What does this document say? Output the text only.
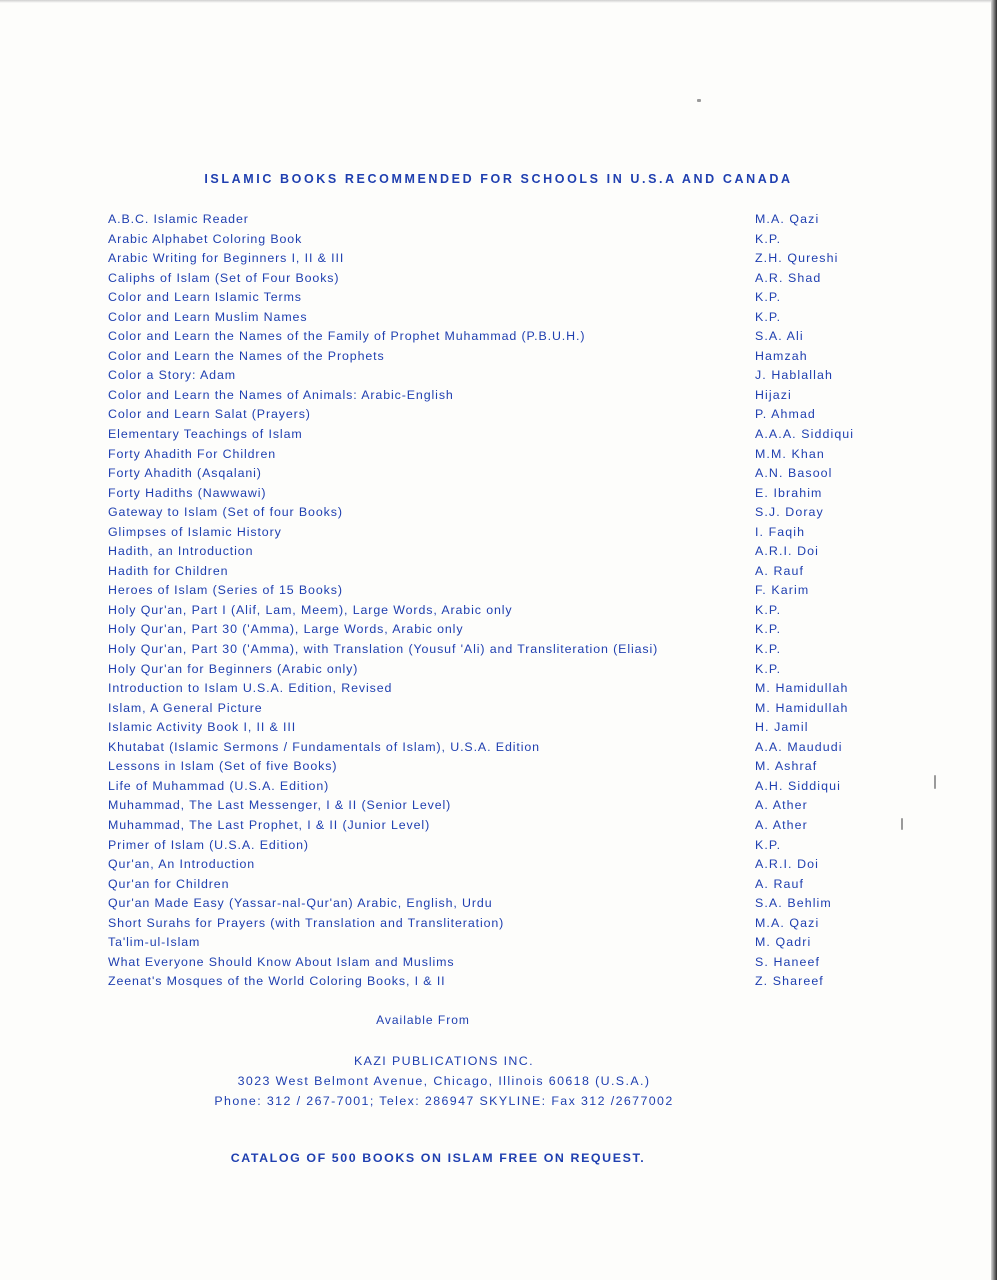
ISLAMIC BOOKS RECOMMENDED FOR SCHOOLS IN U.S.A AND CANADA
A.B.C. Islamic Reader	M.A. Qazi
Arabic Alphabet Coloring Book	K.P.
Arabic Writing for Beginners I, II & III	Z.H. Qureshi
Caliphs of Islam (Set of Four Books)	A.R. Shad
Color and Learn Islamic Terms	K.P.
Color and Learn Muslim Names	K.P.
Color and Learn the Names of the Family of Prophet Muhammad (P.B.U.H.)	S.A. Ali
Color and Learn the Names of the Prophets	Hamzah
Color a Story: Adam	J. Hablallah
Color and Learn the Names of Animals: Arabic-English	Hijazi
Color and Learn Salat (Prayers)	P. Ahmad
Elementary Teachings of Islam	A.A.A. Siddiqui
Forty Ahadith For Children	M.M. Khan
Forty Ahadith (Asqalani)	A.N. Basool
Forty Hadiths (Nawwawi)	E. Ibrahim
Gateway to Islam (Set of four Books)	S.J. Doray
Glimpses of Islamic History	I. Faqih
Hadith, an Introduction	A.R.I. Doi
Hadith for Children	A. Rauf
Heroes of Islam (Series of 15 Books)	F. Karim
Holy Qur'an, Part I (Alif, Lam, Meem), Large Words, Arabic only	K.P.
Holy Qur'an, Part 30 ('Amma), Large Words, Arabic only	K.P.
Holy Qur'an, Part 30 ('Amma), with Translation (Yousuf 'Ali) and Transliteration (Eliasi)	K.P.
Holy Qur'an for Beginners (Arabic only)	K.P.
Introduction to Islam U.S.A. Edition, Revised	M. Hamidullah
Islam, A General Picture	M. Hamidullah
Islamic Activity Book I, II & III	H. Jamil
Khutabat (Islamic Sermons / Fundamentals of Islam), U.S.A. Edition	A.A. Maududi
Lessons in Islam (Set of five Books)	M. Ashraf
Life of Muhammad (U.S.A. Edition)	A.H. Siddiqui
Muhammad, The Last Messenger, I & II (Senior Level)	A. Ather
Muhammad, The Last Prophet, I & II (Junior Level)	A. Ather
Primer of Islam (U.S.A. Edition)	K.P.
Qur'an, An Introduction	A.R.I. Doi
Qur'an for Children	A. Rauf
Qur'an Made Easy (Yassar-nal-Qur'an) Arabic, English, Urdu	S.A. Behlim
Short Surahs for Prayers (with Translation and Transliteration)	M.A. Qazi
Ta'lim-ul-Islam	M. Qadri
What Everyone Should Know About Islam and Muslims	S. Haneef
Zeenat's Mosques of the World Coloring Books, I & II	Z. Shareef
Available From
KAZI PUBLICATIONS INC.
3023 West Belmont Avenue, Chicago, Illinois 60618 (U.S.A.)
Phone: 312 / 267-7001; Telex: 286947 SKYLINE: Fax 312 /2677002
CATALOG OF 500 BOOKS ON ISLAM FREE ON REQUEST.
